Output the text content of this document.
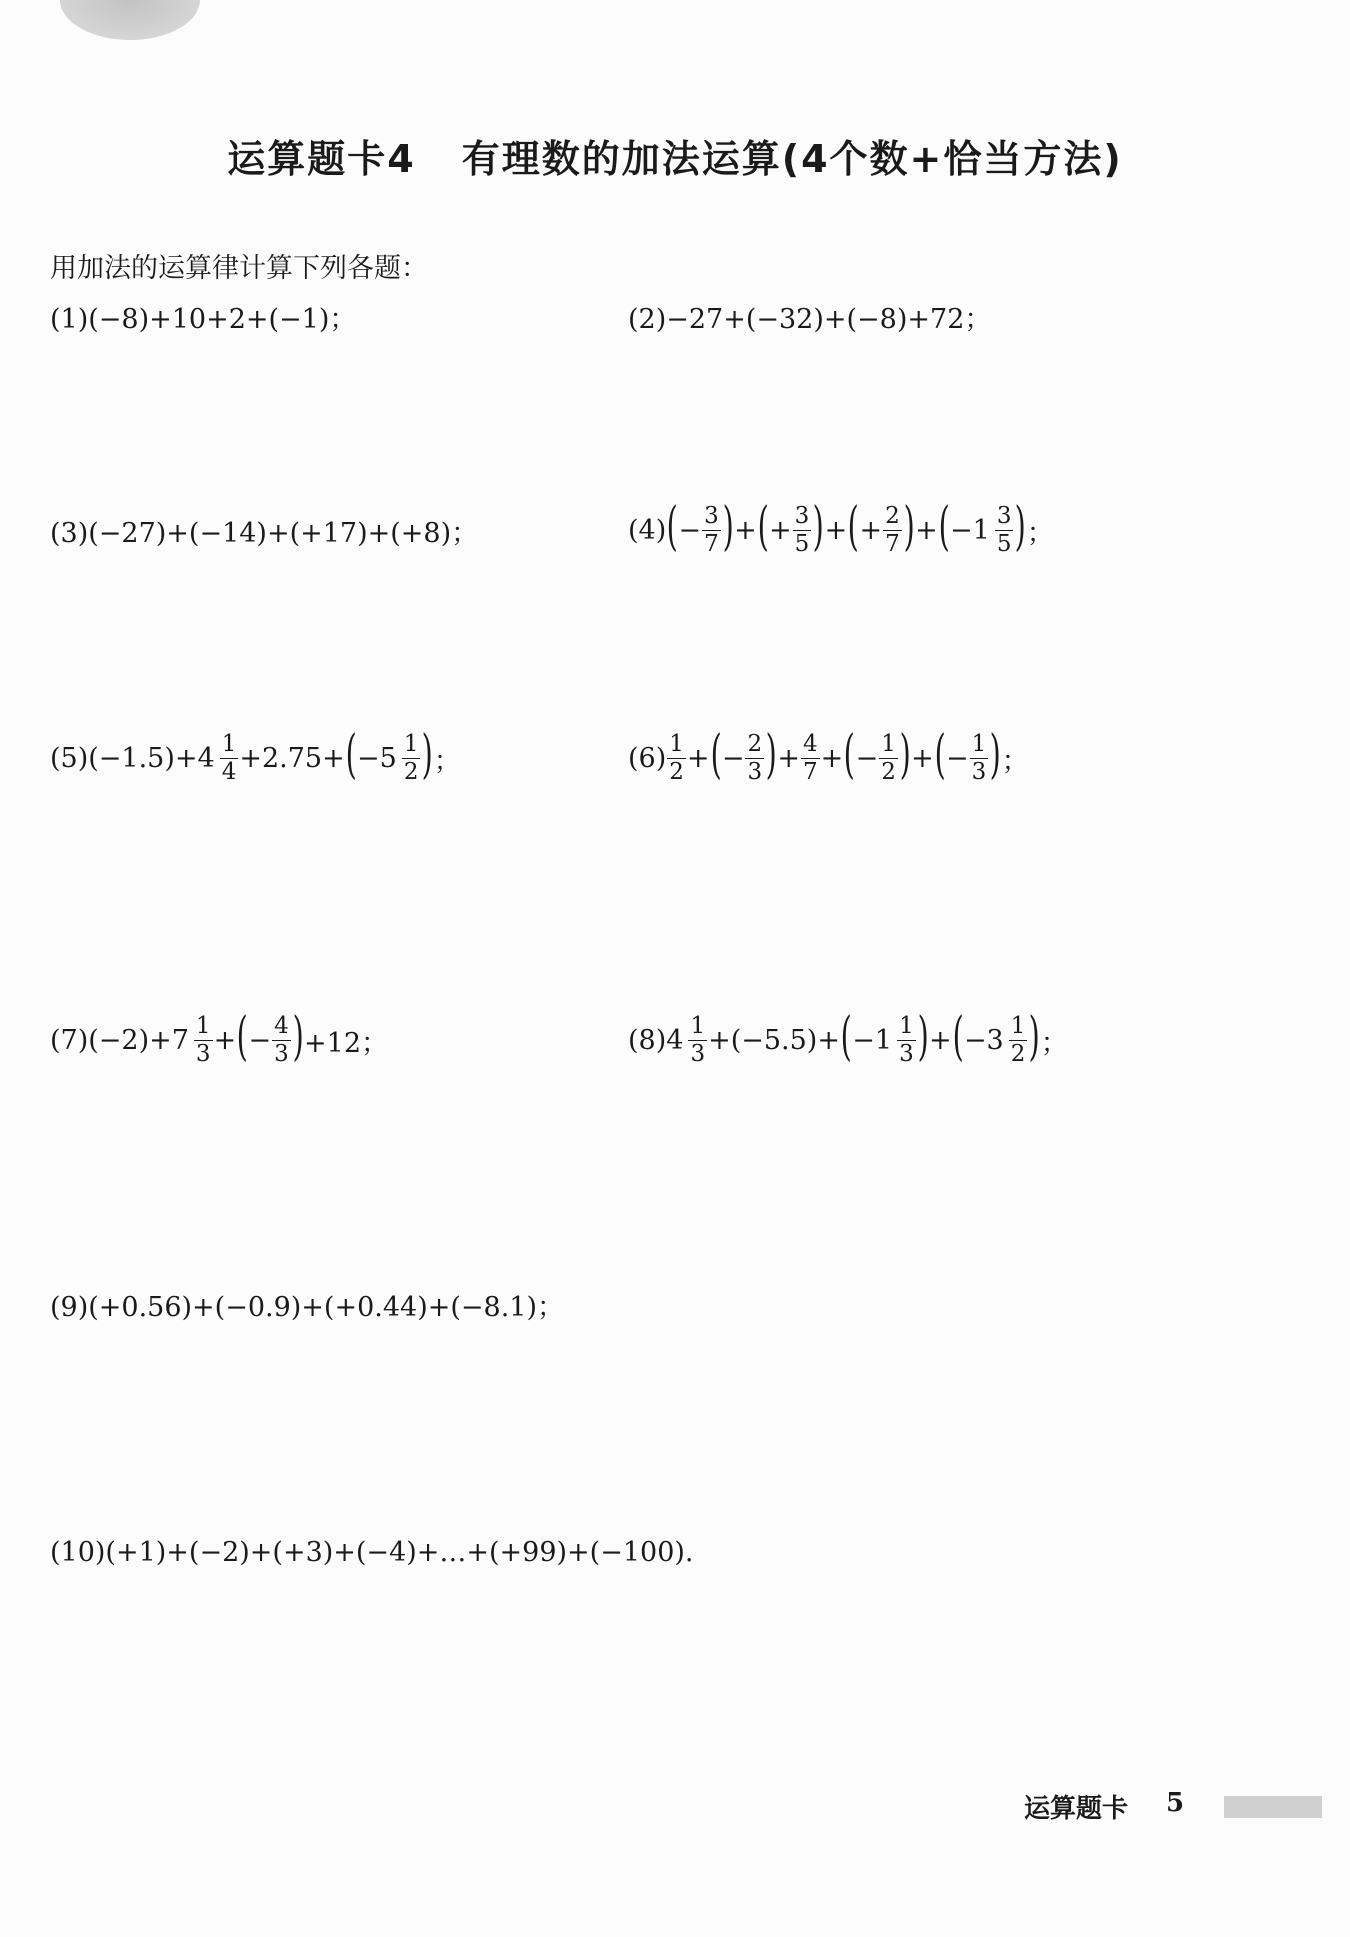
运算题卡4 有理数的加法运算(4个数+恰当方法)
用加法的运算律计算下列各题：
(1)(−8)+10+2+(−1)；	(2)−27+(−32)+(−8)+72；
(3)(−27)+(−14)+(+17)+(+8)；	(4) ( − $\frac{3}{7}$ ) + ( + $\frac{3}{5}$ ) + ( + $\frac{2}{7}$ ) + ( $-1 \frac{3}{5}$ ) ；
$(5)(-1.5)+4 \frac{1}{4} +2.75+$ ( $-5 \frac{1}{2}$ ) ；	$(6) \frac{1}{2}$ + ( − $\frac{2}{3}$ ) + $\frac{4}{7}$ + ( − $\frac{1}{2}$ ) + ( − $\frac{1}{3}$ ) ；
$(7)(-2)+7 \frac{1}{3}$ + ( − $\frac{4}{3}$ ) +12；	$(8)4 \frac{1}{3} +(-5.5)+$ ( $-1 \frac{1}{3}$ ) + ( $-3 \frac{1}{2}$ ) ；
(9)(+0.56)+(−0.9)+(+0.44)+(−8.1)；
(10)(+1)+(−2)+(+3)+(−4)+…+(+99)+(−100).
运算题卡 5
